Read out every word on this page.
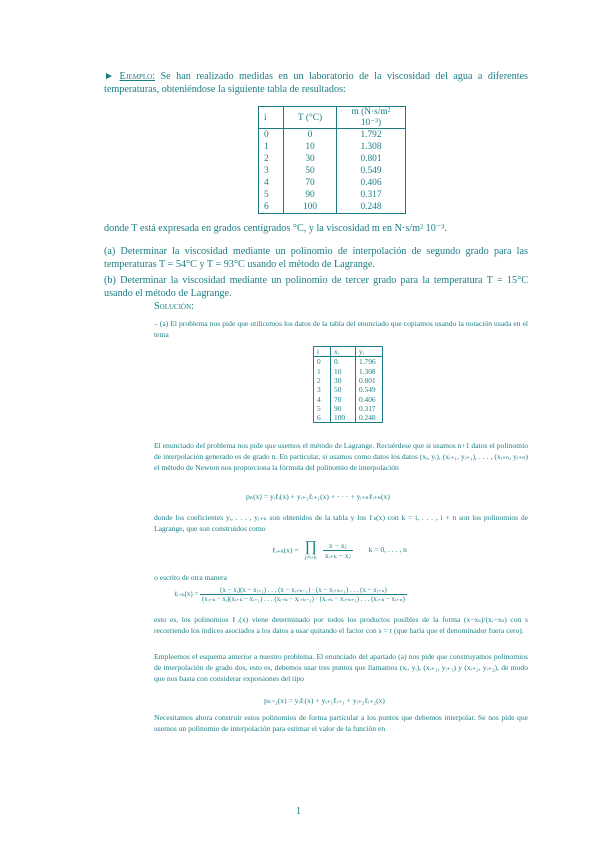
► Ejemplo: Se han realizado medidas en un laboratorio de la viscosidad del agua a diferentes temperaturas, obteniéndose la siguiente tabla de resultados:
i	T (°C)	m (N·s/m² 10⁻³)
0	0	1.792
1	10	1.308
2	30	0.801
3	50	0.549
4	70	0.406
5	90	0.317
6	100	0.248
donde T está expresada en grados centígrados °C, y la viscosidad m en N·s/m² 10⁻³.
(a) Determinar la viscosidad mediante un polinomio de interpolación de segundo grado para las temperaturas T = 54°C y T = 93°C usando el método de Lagrange.
(b) Determinar la viscosidad mediante un polinomio de tercer grado para la temperatura T = 15°C usando el método de Lagrange.
Solución:
– (a) El problema nos pide que utilicemos los datos de la tabla del enunciado que copiamos usando la notación usada en el tema
i	xᵢ	yᵢ
0	0.	1.796
1	10	1.308
2	30	0.801
3	50	0.549
4	70	0.406
5	90	0.317
6	100	0.248
El enunciado del problema nos pide que usemos el método de Lagrange. Recuérdese que si usamos n+1 datos el polinomio de interpolación generado es de grado n. En particular, si usamos como datos los datos (xᵢ, yᵢ), (xᵢ₊₁, yᵢ₊₁), . . . , (xᵢ₊ₙ, yᵢ₊ₙ) el método de Newton nos proporciona la fórmula del polinomio de interpolación
pₙ(x) = yᵢℓᵢ(x) + yᵢ₊₁ℓᵢ₊₁(x) + · · · + yᵢ₊ₙℓᵢ₊ₙ(x)
donde los coeficientes yᵢ, . . . , yᵢ₊ₙ son obtenidos de la tabla y los ℓₖ(x) con k = i, . . . , i + n son los polinomios de Lagrange, que son construidos como
ℓᵢ₊ₖ(x) = ∏
j≠i+k
$\frac{\text{x − xⱼ}}{\text{xᵢ₊ₖ − xⱼ}}$ k = 0, . . . , n
o escrito de otra manera
ℓᵢ₊ₖ(x) =
(x − xᵢ)(x − xᵢ₊₁) . . . (x − xᵢ₊ₖ₋₁) · (x − xᵢ₊ₖ₊₁) . . . (x − xᵢ₊ₙ)
(xᵢ₊ₖ − xᵢ)(xᵢ₊ₖ − xᵢ₊₁) . . . (xᵢ₊ₖ − xᵢ₊ₖ₋₁) · (xᵢ₊ₖ − xᵢ₊ₖ₊₁) . . . (xᵢ₊ₖ − xᵢ₊ₙ)
esto es, los polinomios ℓᵣ(x) viene determinado por todos los productos posibles de la forma (x−xₛ)/(xᵣ−xₛ) con s recorriendo los índices asociados a los datos a usar quitando el factor con s = r (que haría que el denominador fuera cero).
Empleemos el esquema anterior a nuestro problema. El enunciado del apartado (a) nos pide que construyamos polinomios de interpolación de grado dos, esto es, debemos usar tres puntos que llamamos (xᵢ, yᵢ), (xᵢ₊₁, yᵢ₊₁) y (xᵢ₊₂, yᵢ₊₂), de modo que nos basta con considerar expresiones del tipo
pₙ₌₂(x) = yᵢℓᵢ(x) + yᵢ₊₁ℓᵢ₊₁ + yᵢ₊₂ℓᵢ₊₂(x)
Necesitamos ahora construir estos polinomios de forma particular a los puntos que debemos interpolar. Se nos pide que usemos un polinomio de interpolación para estimar el valor de la función en
1
